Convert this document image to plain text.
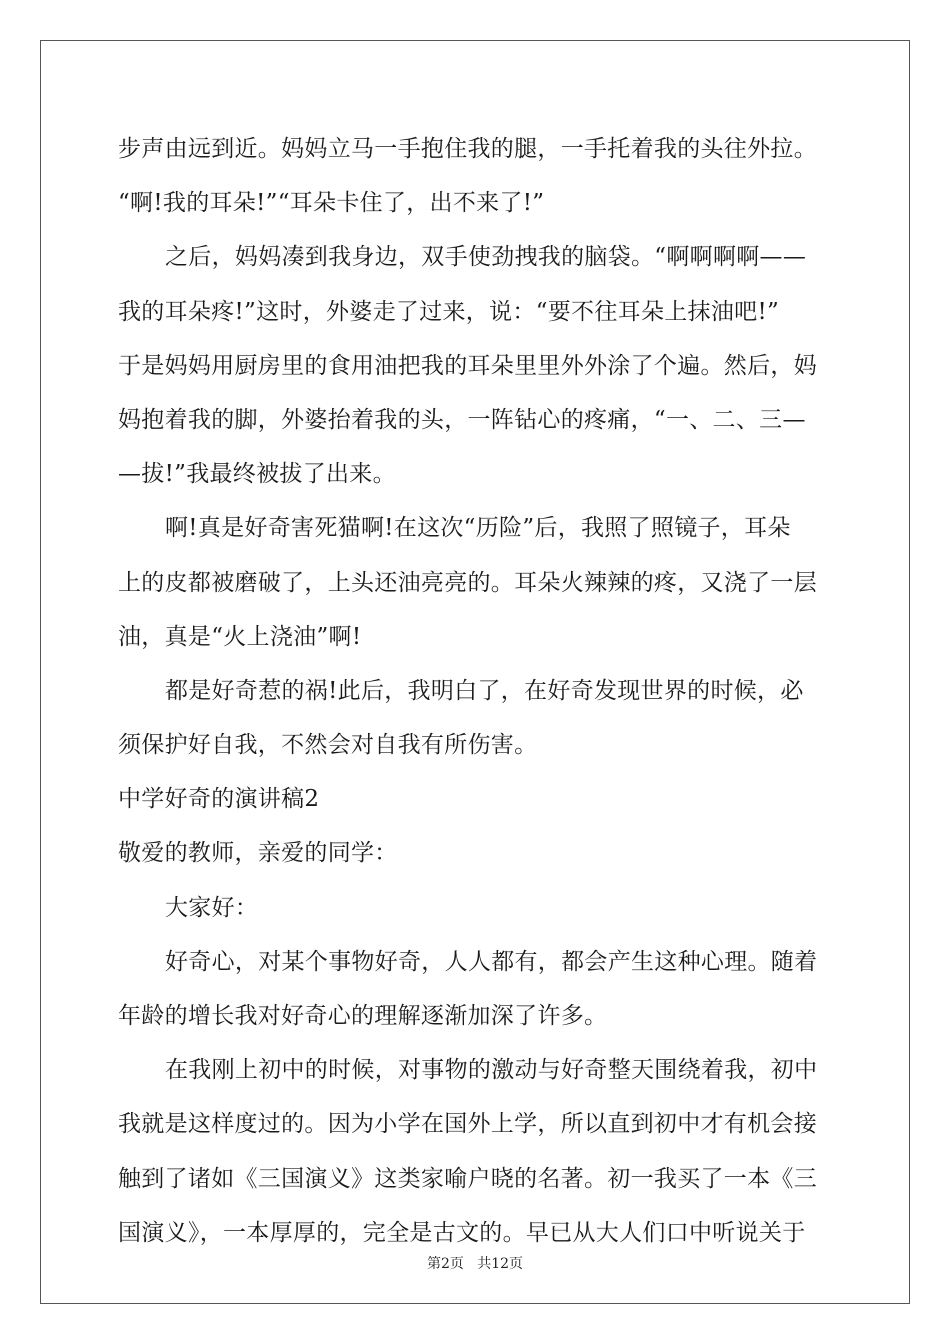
步声由远到近。妈妈立马一手抱住我的腿，一手托着我的头往外拉。
“啊!我的耳朵!”“耳朵卡住了，出不来了!”
之后，妈妈凑到我身边，双手使劲拽我的脑袋。“啊啊啊啊——
我的耳朵疼!”这时，外婆走了过来，说：“要不往耳朵上抹油吧!”
于是妈妈用厨房里的食用油把我的耳朵里里外外涂了个遍。然后，妈
妈抱着我的脚，外婆抬着我的头，一阵钻心的疼痛，“一、二、三—
—拔!”我最终被拔了出来。
啊!真是好奇害死猫啊!在这次“历险”后，我照了照镜子，耳朵
上的皮都被磨破了，上头还油亮亮的。耳朵火辣辣的疼，又浇了一层
油，真是“火上浇油”啊!
都是好奇惹的祸!此后，我明白了，在好奇发现世界的时候，必
须保护好自我，不然会对自我有所伤害。
中学好奇的演讲稿2
敬爱的教师，亲爱的同学：
大家好：
好奇心，对某个事物好奇，人人都有，都会产生这种心理。随着
年龄的增长我对好奇心的理解逐渐加深了许多。
在我刚上初中的时候，对事物的激动与好奇整天围绕着我，初中
我就是这样度过的。因为小学在国外上学，所以直到初中才有机会接
触到了诸如《三国演义》这类家喻户晓的名著。初一我买了一本《三
国演义》，一本厚厚的，完全是古文的。早已从大人们口中听说关于
第2页   共12页
